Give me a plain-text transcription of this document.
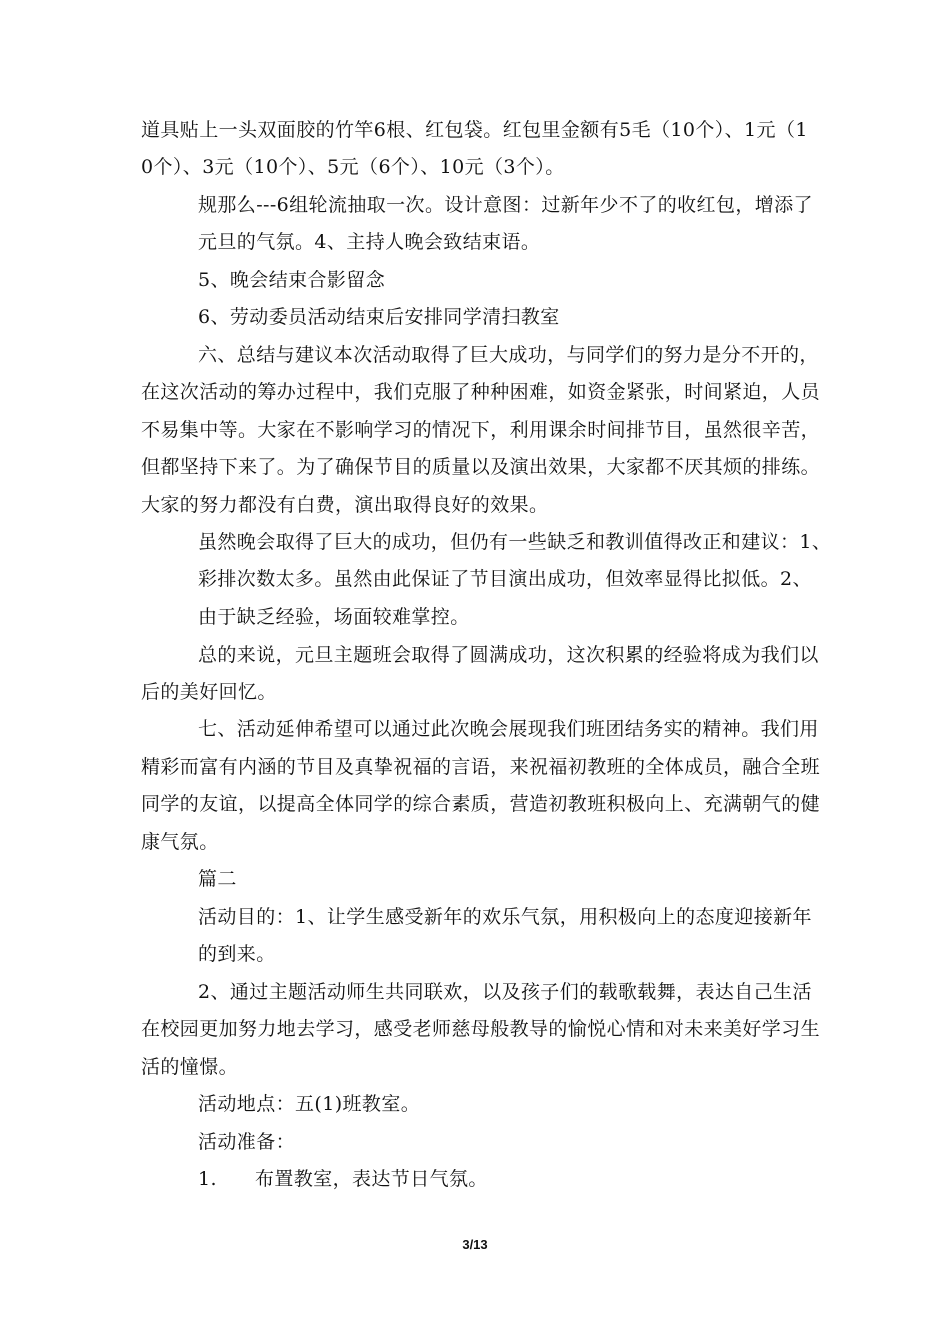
道具贴上一头双面胶的竹竿6根、红包袋。红包里金额有5毛（10个）、1元（1
0个）、3元（10个）、5元（6个）、10元（3个）。
规那么---6组轮流抽取一次。设计意图：过新年少不了的收红包，增添了
元旦的气氛。4、主持人晚会致结束语。
5、晚会结束合影留念
6、劳动委员活动结束后安排同学清扫教室
六、总结与建议本次活动取得了巨大成功，与同学们的努力是分不开的，
在这次活动的筹办过程中，我们克服了种种困难，如资金紧张，时间紧迫，人员
不易集中等。大家在不影响学习的情况下，利用课余时间排节目，虽然很辛苦，
但都坚持下来了。为了确保节目的质量以及演出效果，大家都不厌其烦的排练。
大家的努力都没有白费，演出取得良好的效果。
虽然晚会取得了巨大的成功，但仍有一些缺乏和教训值得改正和建议：1、
彩排次数太多。虽然由此保证了节目演出成功，但效率显得比拟低。2、
由于缺乏经验，场面较难掌控。
总的来说，元旦主题班会取得了圆满成功，这次积累的经验将成为我们以
后的美好回忆。
七、活动延伸希望可以通过此次晚会展现我们班团结务实的精神。我们用
精彩而富有内涵的节目及真挚祝福的言语，来祝福初教班的全体成员，融合全班
同学的友谊，以提高全体同学的综合素质，营造初教班积极向上、充满朝气的健
康气氛。
篇二
活动目的：1、让学生感受新年的欢乐气氛，用积极向上的态度迎接新年
的到来。
2、通过主题活动师生共同联欢，以及孩子们的载歌载舞，表达自己生活
在校园更加努力地去学习，感受老师慈母般教导的愉悦心情和对未来美好学习生
活的憧憬。
活动地点：五(1)班教室。
活动准备：
1. 布置教室，表达节日气氛。
3/13
